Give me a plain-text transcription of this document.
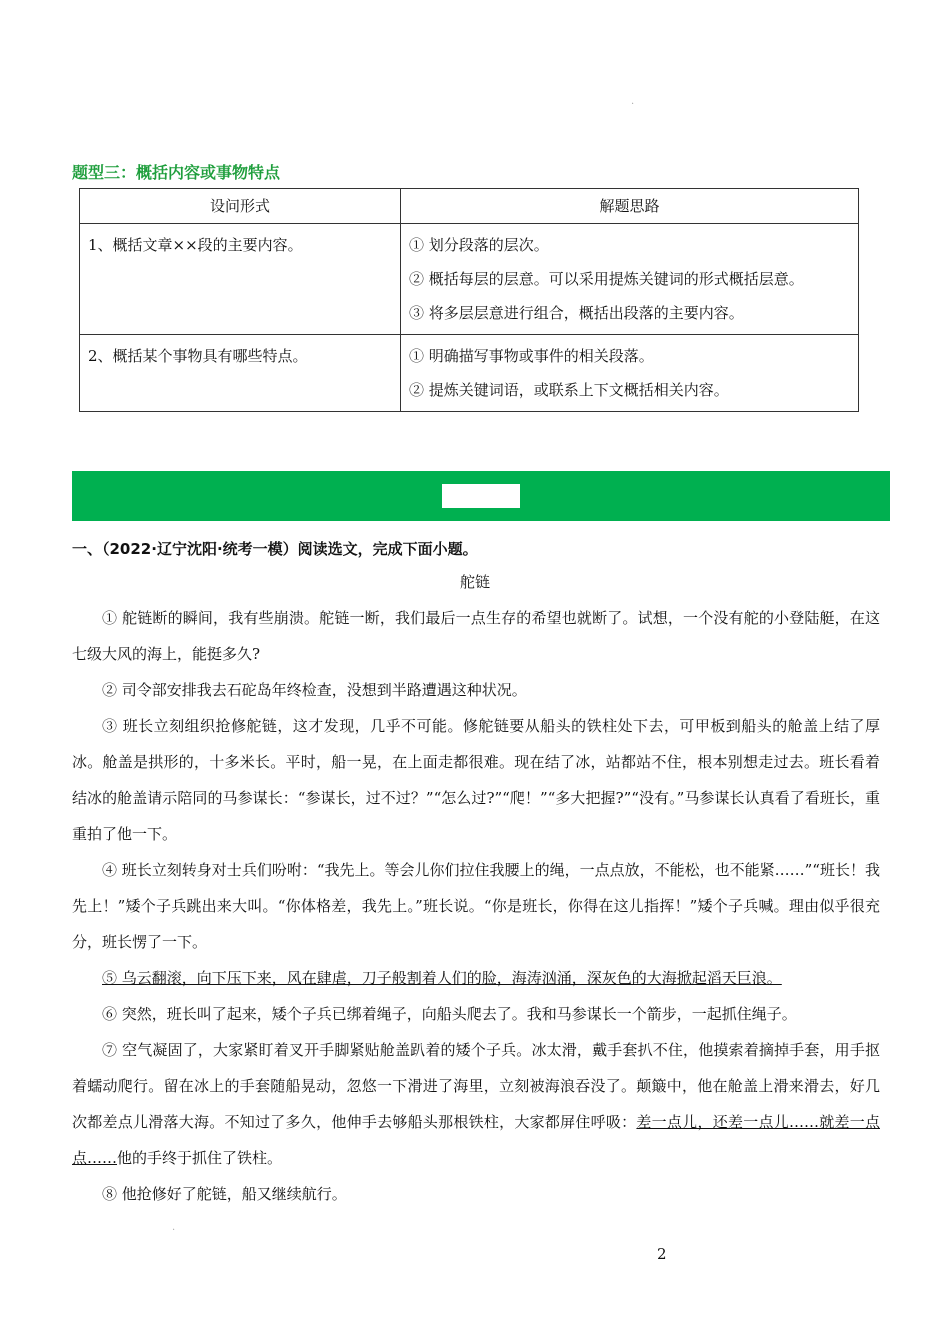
.
题型三：概括内容或事物特点
设问形式	解题思路

1、概括文章××段的主要内容。	① 划分段落的层次。
② 概括每层的层意。可以采用提炼关键词的形式概括层意。
③ 将多层层意进行组合，概括出段落的主要内容。

2、概括某个事物具有哪些特点。	① 明确描写事物或事件的相关段落。
② 提炼关键词语，或联系上下文概括相关内容。
一、（2022·辽宁沈阳·统考一模）阅读选文，完成下面小题。
舵链

① 舵链断的瞬间，我有些崩溃。舵链一断，我们最后一点生存的希望也就断了。试想，一个没有舵的小登陆艇，在这七级大风的海上，能挺多久?

② 司令部安排我去石砣岛年终检查，没想到半路遭遇这种状况。

③ 班长立刻组织抢修舵链，这才发现，几乎不可能。修舵链要从船头的铁柱处下去，可甲板到船头的舱盖上结了厚冰。舱盖是拱形的，十多米长。平时，船一晃，在上面走都很难。现在结了冰，站都站不住，根本别想走过去。班长看着结冰的舱盖请示陪同的马参谋长：“参谋长，过不过？”“怎么过?”“爬！”“多大把握?”“没有。”马参谋长认真看了看班长，重重拍了他一下。

④ 班长立刻转身对士兵们吩咐：“我先上。等会儿你们拉住我腰上的绳，一点点放，不能松，也不能紧……”“班长！我先上！”矮个子兵跳出来大叫。“你体格差，我先上。”班长说。“你是班长，你得在这儿指挥！”矮个子兵喊。理由似乎很充分，班长愣了一下。

⑤ 乌云翻滚，向下压下来，风在肆虐，刀子般割着人们的脸，海涛汹涌，深灰色的大海掀起滔天巨浪。

⑥ 突然，班长叫了起来，矮个子兵已绑着绳子，向船头爬去了。我和马参谋长一个箭步，一起抓住绳子。

⑦ 空气凝固了，大家紧盯着叉开手脚紧贴舱盖趴着的矮个子兵。冰太滑，戴手套扒不住，他摸索着摘掉手套，用手抠着蠕动爬行。留在冰上的手套随船晃动，忽悠一下滑进了海里，立刻被海浪吞没了。颠簸中，他在舱盖上滑来滑去，好几次都差点儿滑落大海。不知过了多久，他伸手去够船头那根铁柱，大家都屏住呼吸：差一点儿，还差一点儿……就差一点点……他的手终于抓住了铁柱。

⑧ 他抢修好了舵链，船又继续航行。

.
2
